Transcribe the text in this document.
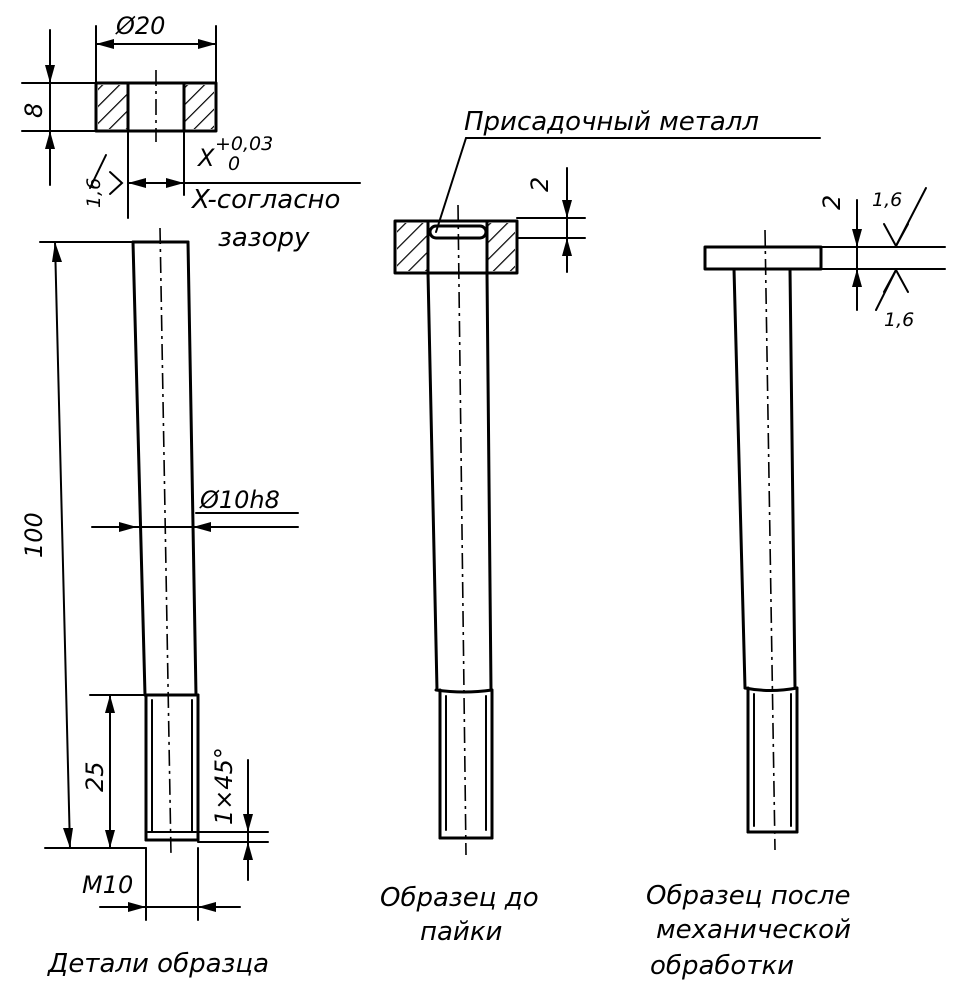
Ø20
8
X +0,03
0
1,6	X-согласно
зазору
100
Ø10h8
25	1×45°
M10
Присадочный металл
2
2 1,6
1,6
Детали образца
Образец до
пайки
Образец после
механической
обработки
